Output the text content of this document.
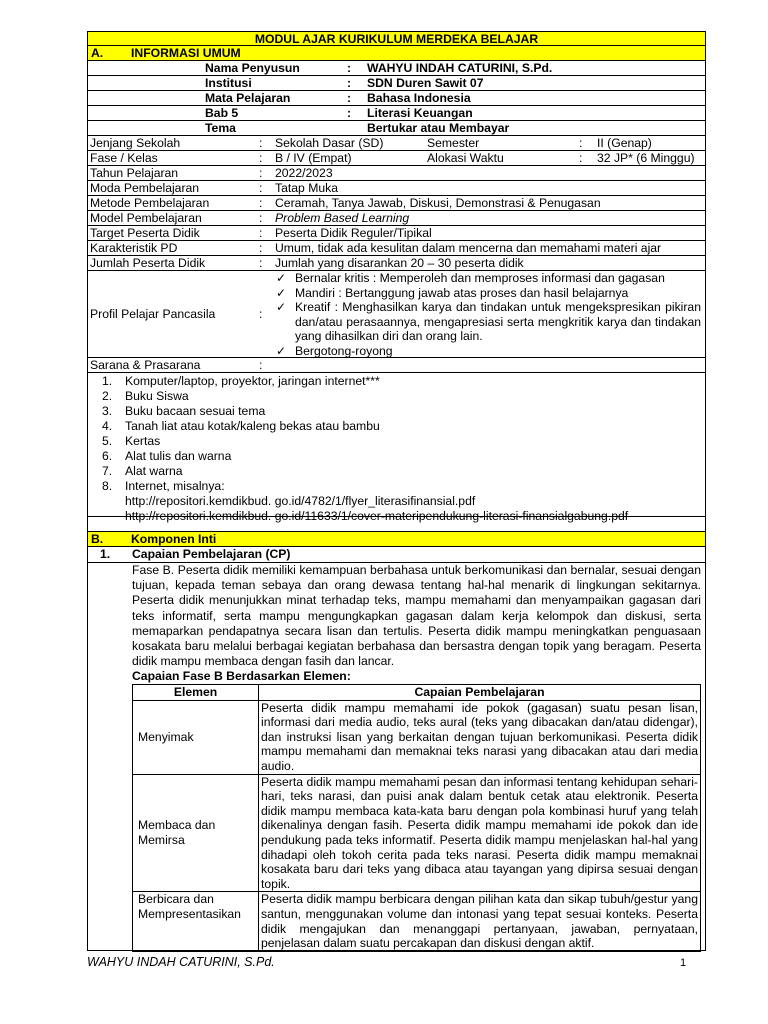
MODUL AJAR KURIKULUM MERDEKA BELAJAR
A. INFORMASI UMUM
Nama Penyusun	: WAHYU INDAH CATURINI, S.Pd.
Institusi	: SDN Duren Sawit 07
Mata Pelajaran	: Bahasa Indonesia
Bab 5	: Literasi Keuangan
Tema	Bertukar atau Membayar
Jenjang Sekolah	: Sekolah Dasar (SD)	Semester	: II (Genap)
Fase / Kelas	: B / IV (Empat)	Alokasi Waktu	: 32 JP* (6 Minggu)
Tahun Pelajaran	: 2022/2023
Moda Pembelajaran	: Tatap Muka
Metode Pembelajaran	: Ceramah, Tanya Jawab, Diskusi, Demonstrasi & Penugasan
Model Pembelajaran	: Problem Based Learning
Target Peserta Didik	: Peserta Didik Reguler/Tipikal
Karakteristik PD	: Umum, tidak ada kesulitan dalam mencerna dan memahami materi ajar
Jumlah Peserta Didik	: Jumlah yang disarankan 20 – 30 peserta didik
Profil Pelajar Pancasila	:
✓ Bernalar kritis : Memperoleh dan memproses informasi dan gagasan
✓ Mandiri : Bertanggung jawab atas proses dan hasil belajarnya
✓ Kreatif : Menghasilkan karya dan tindakan untuk mengekspresikan pikiran dan/atau perasaannya, mengapresiasi serta mengkritik karya dan tindakan yang dihasilkan diri dan orang lain.
✓ Bergotong-royong
Sarana & Prasarana	:
1. Komputer/laptop, proyektor, jaringan internet***
2. Buku Siswa
3. Buku bacaan sesuai tema
4. Tanah liat atau kotak/kaleng bekas atau bambu
5. Kertas
6. Alat tulis dan warna
7. Alat warna
8. Internet, misalnya:
http://repositori.kemdikbud. go.id/4782/1/flyer_literasifinansial.pdf
http://repositori.kemdikbud. go.id/11633/1/cover-materipendukung-literasi-finansialgabung.pdf
B. Komponen Inti
1. Capaian Pembelajaran (CP)
Fase B. Peserta didik memiliki kemampuan berbahasa untuk berkomunikasi dan bernalar, sesuai dengan tujuan, kepada teman sebaya dan orang dewasa tentang hal-hal menarik di lingkungan sekitarnya. Peserta didik menunjukkan minat terhadap teks, mampu memahami dan menyampaikan gagasan dari teks informatif, serta mampu mengungkapkan gagasan dalam kerja kelompok dan diskusi, serta memaparkan pendapatnya secara lisan dan tertulis. Peserta didik mampu meningkatkan penguasaan kosakata baru melalui berbagai kegiatan berbahasa dan bersastra dengan topik yang beragam. Peserta didik mampu membaca dengan fasih dan lancar.
Capaian Fase B Berdasarkan Elemen:
Elemen	Capaian Pembelajaran
Menyimak	Peserta didik mampu memahami ide pokok (gagasan) suatu pesan lisan, informasi dari media audio, teks aural (teks yang dibacakan dan/atau didengar), dan instruksi lisan yang berkaitan dengan tujuan berkomunikasi. Peserta didik mampu memahami dan memaknai teks narasi yang dibacakan atau dari media audio.
Membaca dan Memirsa	Peserta didik mampu memahami pesan dan informasi tentang kehidupan sehari-hari, teks narasi, dan puisi anak dalam bentuk cetak atau elektronik. Peserta didik mampu membaca kata-kata baru dengan pola kombinasi huruf yang telah dikenalinya dengan fasih. Peserta didik mampu memahami ide pokok dan ide pendukung pada teks informatif. Peserta didik mampu menjelaskan hal-hal yang dihadapi oleh tokoh cerita pada teks narasi. Peserta didik mampu memaknai kosakata baru dari teks yang dibaca atau tayangan yang dipirsa sesuai dengan topik.
Berbicara dan Mempresentasikan	Peserta didik mampu berbicara dengan pilihan kata dan sikap tubuh/gestur yang santun, menggunakan volume dan intonasi yang tepat sesuai konteks. Peserta didik mengajukan dan menanggapi pertanyaan, jawaban, pernyataan, penjelasan dalam suatu percakapan dan diskusi dengan aktif.
WAHYU INDAH CATURINI, S.Pd.	1
